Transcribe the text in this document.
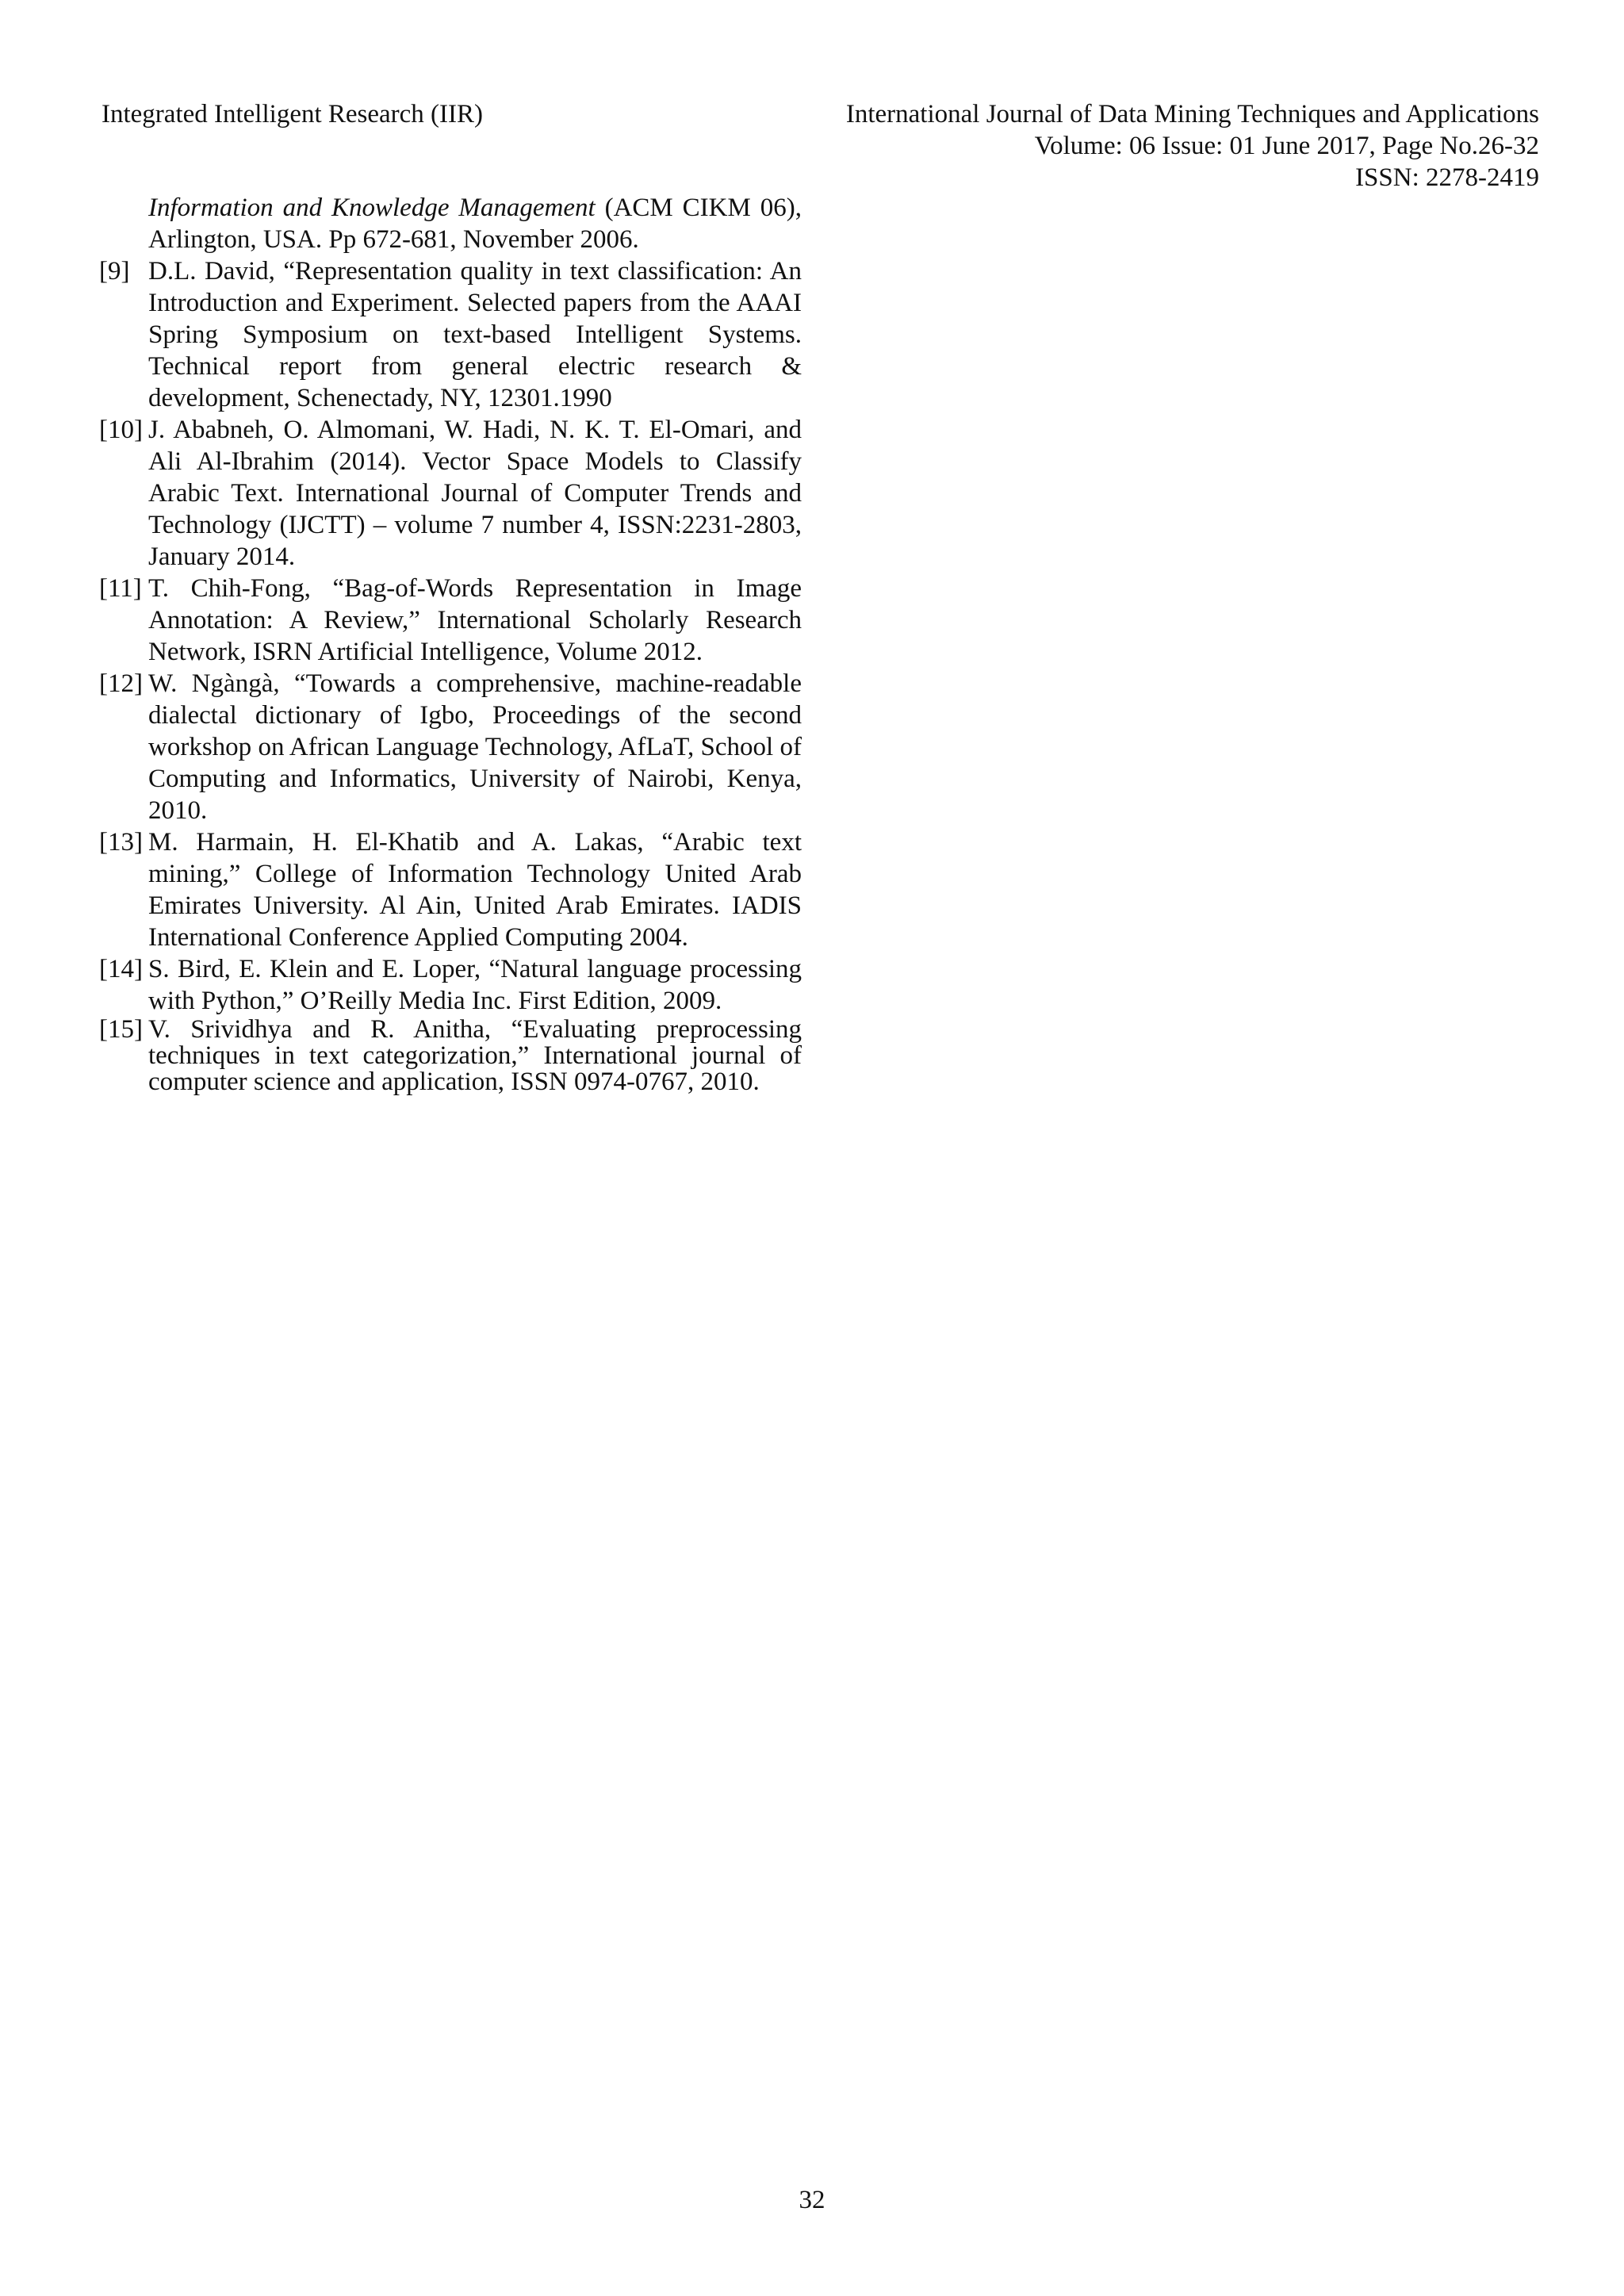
Integrated Intelligent Research (IIR)	International Journal of Data Mining Techniques and Applications
Volume: 06 Issue: 01 June 2017, Page No.26-32
ISSN: 2278-2419
Information and Knowledge Management (ACM CIKM 06), Arlington, USA. Pp 672-681, November 2006.
[9] D.L. David, “Representation quality in text classification: An Introduction and Experiment. Selected papers from the AAAI Spring Symposium on text-based Intelligent Systems. Technical report from general electric research & development, Schenectady, NY, 12301.1990
[10] J. Ababneh, O. Almomani, W. Hadi, N. K. T. El-Omari, and Ali Al-Ibrahim (2014). Vector Space Models to Classify Arabic Text. International Journal of Computer Trends and Technology (IJCTT) – volume 7 number 4, ISSN:2231-2803, January 2014.
[11] T. Chih-Fong, “Bag-of-Words Representation in Image Annotation: A Review,” International Scholarly Research Network, ISRN Artificial Intelligence, Volume 2012.
[12] W. Ngàngà, “Towards a comprehensive, machine-readable dialectal dictionary of Igbo, Proceedings of the second workshop on African Language Technology, AfLaT, School of Computing and Informatics, University of Nairobi, Kenya, 2010.
[13] M. Harmain, H. El-Khatib and A. Lakas, “Arabic text mining,” College of Information Technology United Arab Emirates University. Al Ain, United Arab Emirates. IADIS International Conference Applied Computing 2004.
[14] S. Bird, E. Klein and E. Loper, “Natural language processing with Python,” O’Reilly Media Inc. First Edition, 2009.
[15] V. Srividhya and R. Anitha, “Evaluating preprocessing techniques in text categorization,” International journal of computer science and application, ISSN 0974-0767, 2010.
32
